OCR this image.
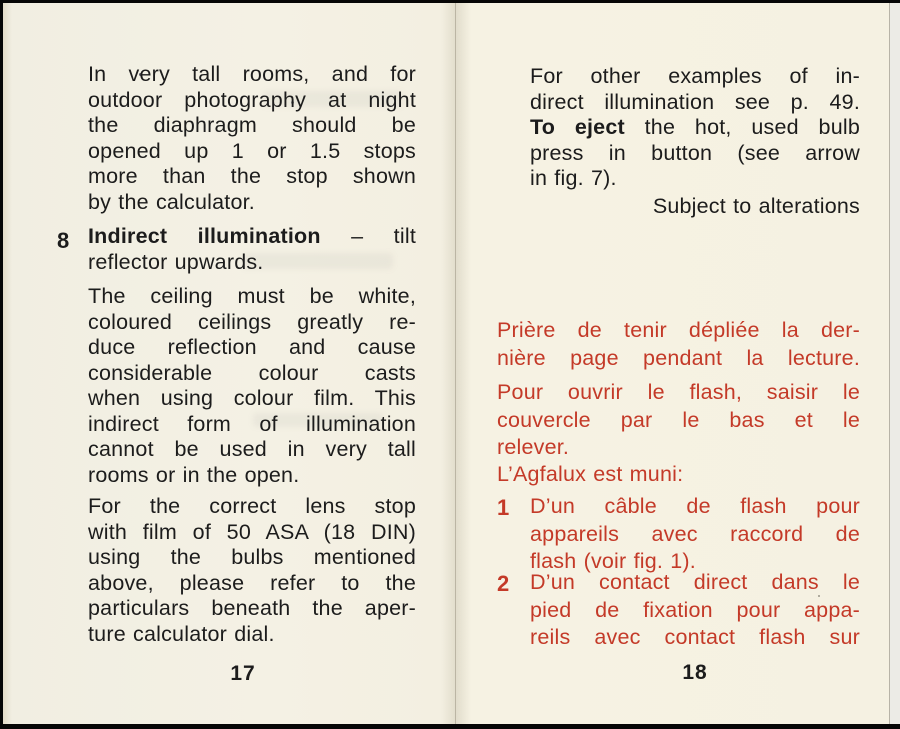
In very tall rooms, and for
outdoor photography at night
the diaphragm should be
opened up 1 or 1.5 stops
more than the stop shown
by the calculator.
8 Indirect illumination – tilt
reflector upwards.
The ceiling must be white,
coloured ceilings greatly re-
duce reflection and cause
considerable colour casts
when using colour film. This
indirect form of illumination
cannot be used in very tall
rooms or in the open.
For the correct lens stop
with film of 50 ASA (18 DIN)
using the bulbs mentioned
above, please refer to the
particulars beneath the aper-
ture calculator dial.
17
For other examples of in-
direct illumination see p. 49.
To eject the hot, used bulb
press in button (see arrow
in fig. 7).
Subject to alterations
Prière de tenir dépliée la der-
nière page pendant la lecture.
Pour ouvrir le flash, saisir le
couvercle par le bas et le
relever.
L’Agfalux est muni:
1 D’un câble de flash pour
appareils avec raccord de
flash (voir fig. 1).
2 D’un contact direct dans le
pied de fixation pour appa-
reils avec contact flash sur
18
